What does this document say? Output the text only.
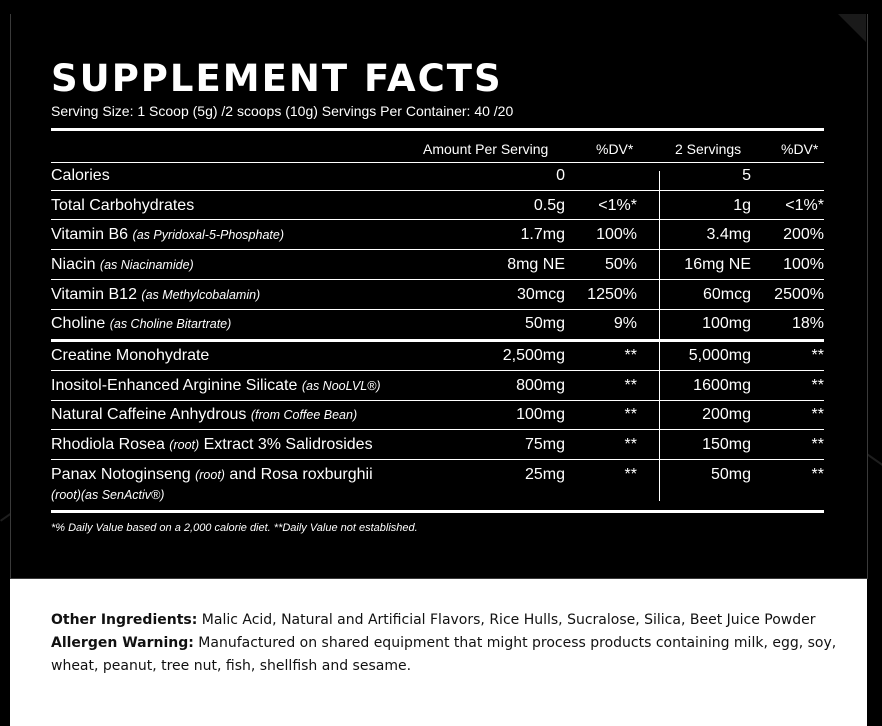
SUPPLEMENT FACTS
Serving Size: 1 Scoop (5g) /2 scoops (10g) Servings Per Container: 40 /20
Amount Per Serving	%DV*	2 Servings	%DV*
Calories	0	5
Total Carbohydrates	0.5g <1%*	1g <1%*
Vitamin B6 (as Pyridoxal-5-Phosphate)	1.7mg 100%	3.4mg 200%
Niacin (as Niacinamide)	8mg NE 50%	16mg NE 100%
Vitamin B12 (as Methylcobalamin)	30mcg 1250%	60mcg 2500%
Choline (as Choline Bitartrate)	50mg	9%	100mg	18%
Creatine Monohydrate	2,500mg	**	5,000mg	**
Inositol-Enhanced Arginine Silicate (as NooLVL®)	800mg	**	1600mg	**
Natural Caffeine Anhydrous (from Coffee Bean)	100mg	**	200mg	**
Rhodiola Rosea (root) Extract 3% Salidrosides	75mg	**	150mg	**
Panax Notoginseng (root) and Rosa roxburghii
(root)(as SenActiv®)
25mg	**	50mg	**
*% Daily Value based on a 2,000 calorie diet. **Daily Value not established.
Other Ingredients: Malic Acid, Natural and Artificial Flavors, Rice Hulls, Sucralose, Silica, Beet Juice Powder
Allergen Warning: Manufactured on shared equipment that might process products containing milk, egg, soy, wheat, peanut, tree nut, fish, shellfish and sesame.
